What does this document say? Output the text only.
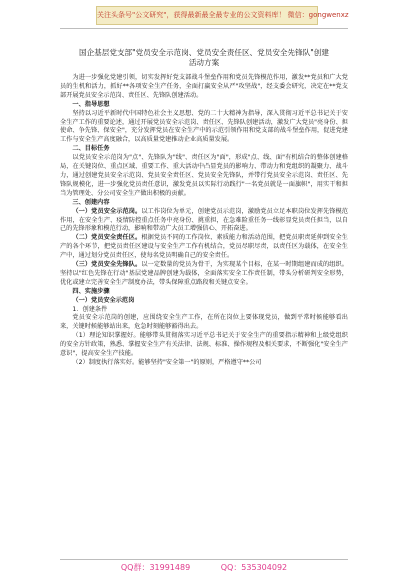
关注头条号"公文研究"，获得最新最全最专业的公文资料库！ 微信：gongwenxz
国企基层党支部"党员安全示范岗、党员安全责任区、党员安全先锋队"创建
活动方案

为进一步强化党建引领，切实发挥好党支部战斗堡垒作用和党员先锋模范作用，激发**党员和广大党员的生机和活力，抓好**各项安全生产任务，全面打赢安全从严"攻坚战"，经支委会研究，决定在**党支部开展党员安全示范岗、责任区、先锋队创建活动。

一、指导思想

坚持以习近平新时代中国特色社会主义思想、党的二十大精神为指导，深入贯彻习近平总书记关于安全生产工作的重要论述，通过开展党员安全示范岗、责任区、先锋队创建活动，激发广大党员"亮身份、担使命、争先锋、保安全"，充分发挥党员在安全生产中的示范引领作用和党支部的战斗堡垒作用，促进党建工作与安全生产高度融合，以高质量党建推动企业高质量发展。

二、目标任务

以党员安全示范岗为"点"、先锋队为"线"、责任区为"面"，形成"点、线、面"有机结合的整体创建格局，在关键岗位、重点区域、重要工作、重大活动中凸显党员的影响力、带动力和党组织的凝聚力、战斗力，通过创建党员安全示范岗、党员安全责任区、党员安全先锋队，并带行党员安全示范岗、责任区、先锋队规模化，进一步强化党员责任意识，激发党员以实际行动践行"一名党员就是一面旗帜"，用实干和担当为管理处、分公司安全生产做出积极的贡献。

三、创建内容

（一）党员安全示范岗。以工作岗位为单元，创建党员示范岗，激励党员立足本职岗位发挥先锋模范作用，在安全生产、疫情防控重点任务中亮身份、挑重担，在急难险重任务一线彰显党员责任担当，以自己的先锋形象和模范行动，影响和带动广大员工增强信心、开拓奋进。

（二）党员安全责任区。根据党员不同的工作岗位、素质能力和活动范围，把党员职责延伸到安全生产的各个环节，把党员责任区建设与安全生产工作有机结合，党员尽职尽责，以责任区为载体，在安全生产中，通过划分党员责任区，使每名党员明确自己的安全责任。

（三）党员安全先锋队。以一定数量的党员为骨干，为实现某个目标，在某一时期组建而成的组织。坚持以"红色先锋在行动"基层党建品牌创建为载体，全面落实安全工作责任制，带头分析研判安全形势，优化或建立完善安全生产制度办法，带头保障重点路段和关键点安全。

四、实施步骤

（一）党员安全示范岗

1．创建条件

党员安全示范岗的创建，应围绕安全生产工作，在所在岗位上要体现党员，做到平常时候能够看出来，关键时候能够站出来，危急时刻能够豁得出去。

（1）理论知识掌握好。能够带头贯彻落实习近平总书记关于安全生产的重要指示精神和上级党组织的安全方针政策，熟悉、掌握安全生产有关法律、法规、标准、操作规程及相关要求，不断强化"安全生产意识"，提高安全生产技能。

（2）制度执行落实好。能够坚持"安全第一"的原则，严格遵守**公司

QQ群：31991489	QQ：535304092
